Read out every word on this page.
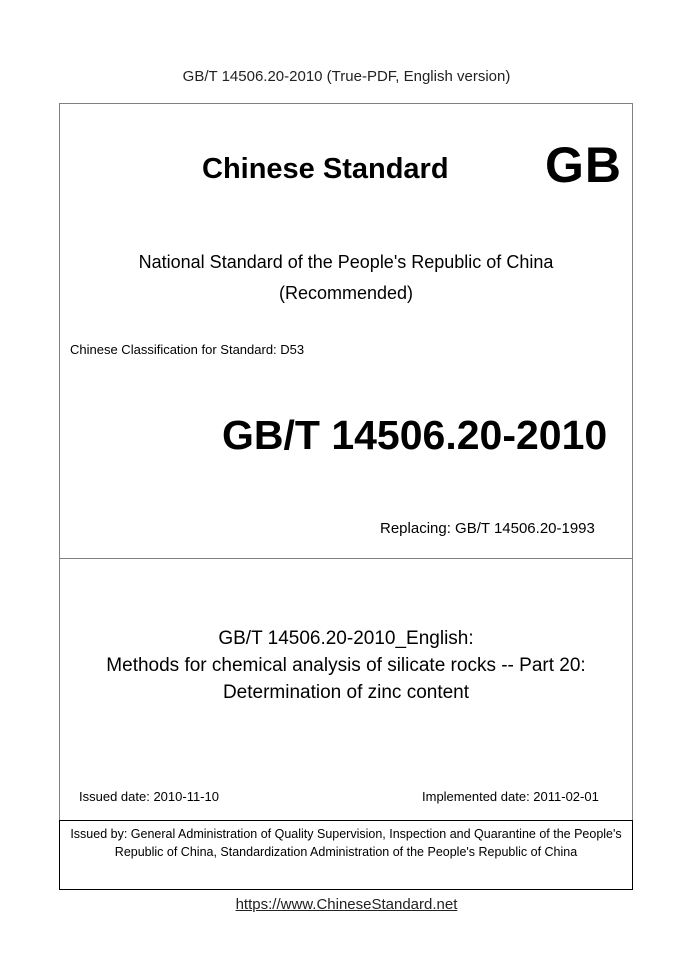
GB/T 14506.20-2010 (True-PDF, English version)
Chinese Standard GB
National Standard of the People's Republic of China
(Recommended)
Chinese Classification for Standard: D53
GB/T 14506.20-2010
Replacing: GB/T 14506.20-1993
GB/T 14506.20-2010_English:
Methods for chemical analysis of silicate rocks -- Part 20:
Determination of zinc content
Issued date: 2010-11-10	Implemented date: 2011-02-01
Issued by: General Administration of Quality Supervision, Inspection and Quarantine of the People's Republic of China, Standardization Administration of the People's Republic of China
https://www.ChineseStandard.net
